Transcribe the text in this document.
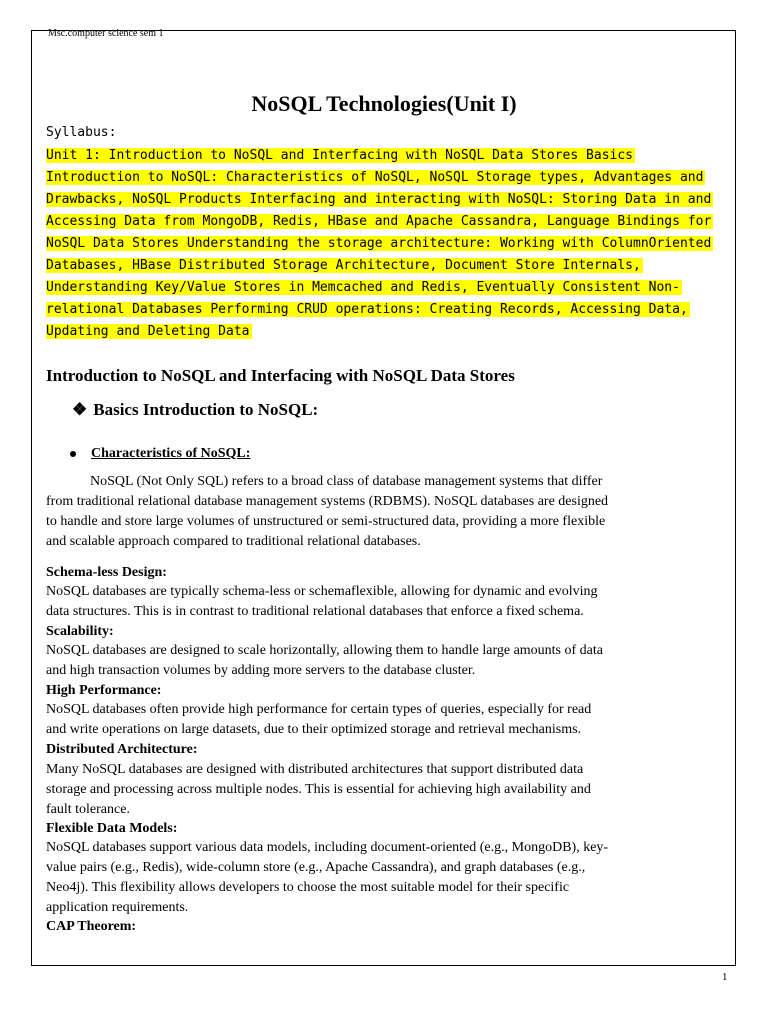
Msc.computer science sem 1
NoSQL Technologies(Unit I)
Syllabus:
Unit 1: Introduction to NoSQL and Interfacing with NoSQL Data Stores Basics
Introduction to NoSQL: Characteristics of NoSQL, NoSQL Storage types, Advantages and
Drawbacks, NoSQL Products Interfacing and interacting with NoSQL: Storing Data in and
Accessing Data from MongoDB, Redis, HBase and Apache Cassandra, Language Bindings for
NoSQL Data Stores Understanding the storage architecture: Working with ColumnOriented
Databases, HBase Distributed Storage Architecture, Document Store Internals,
Understanding Key/Value Stores in Memcached and Redis, Eventually Consistent Non-
relational Databases Performing CRUD operations: Creating Records, Accessing Data,
Updating and Deleting Data
Introduction to NoSQL and Interfacing with NoSQL Data Stores
❖ Basics Introduction to NoSQL:
Characteristics of NoSQL:
NoSQL (Not Only SQL) refers to a broad class of database management systems that differ
from traditional relational database management systems (RDBMS). NoSQL databases are designed
to handle and store large volumes of unstructured or semi-structured data, providing a more flexible
and scalable approach compared to traditional relational databases.
Schema-less Design:
NoSQL databases are typically schema-less or schemaflexible, allowing for dynamic and evolving
data structures. This is in contrast to traditional relational databases that enforce a fixed schema.
Scalability:
NoSQL databases are designed to scale horizontally, allowing them to handle large amounts of data
and high transaction volumes by adding more servers to the database cluster.
High Performance:
NoSQL databases often provide high performance for certain types of queries, especially for read
and write operations on large datasets, due to their optimized storage and retrieval mechanisms.
Distributed Architecture:
Many NoSQL databases are designed with distributed architectures that support distributed data
storage and processing across multiple nodes. This is essential for achieving high availability and
fault tolerance.
Flexible Data Models:
NoSQL databases support various data models, including document-oriented (e.g., MongoDB), key-
value pairs (e.g., Redis), wide-column store (e.g., Apache Cassandra), and graph databases (e.g.,
Neo4j). This flexibility allows developers to choose the most suitable model for their specific
application requirements.
CAP Theorem:
1
